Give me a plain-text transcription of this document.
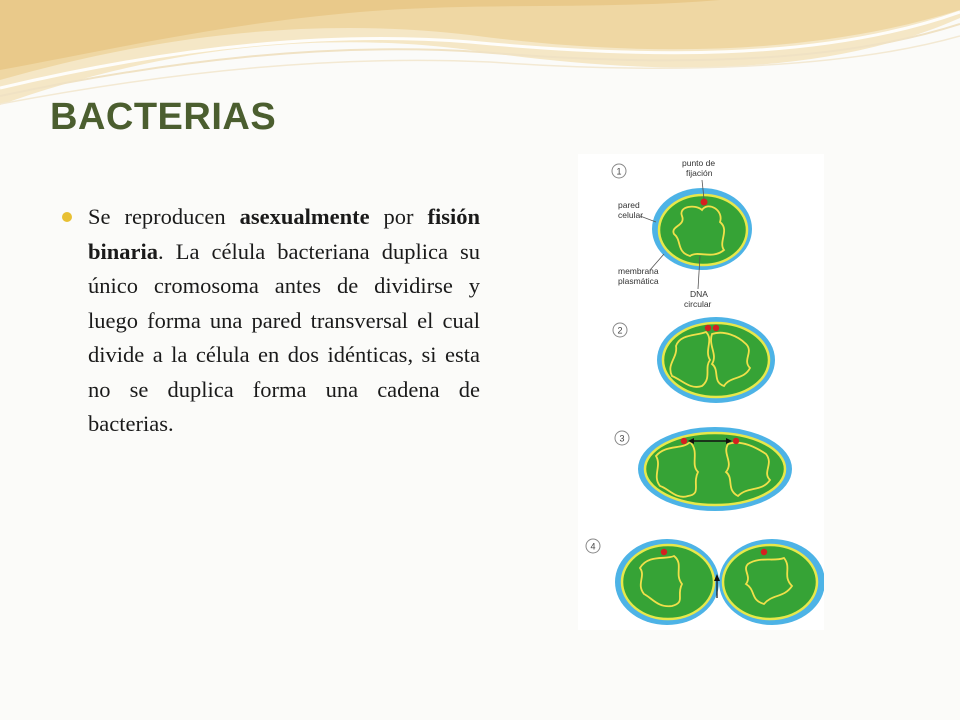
BACTERIAS

Se reproducen asexualmente por fisión binaria. La célula bacteriana duplica su único cromosoma antes de dividirse y luego forma una pared transversal el cual divide a la célula en dos idénticas, si esta no se duplica forma una cadena de bacterias.

1
punto de
fijación
pared
celular
membrana
plasmática
DNA
circular
2
3
4
